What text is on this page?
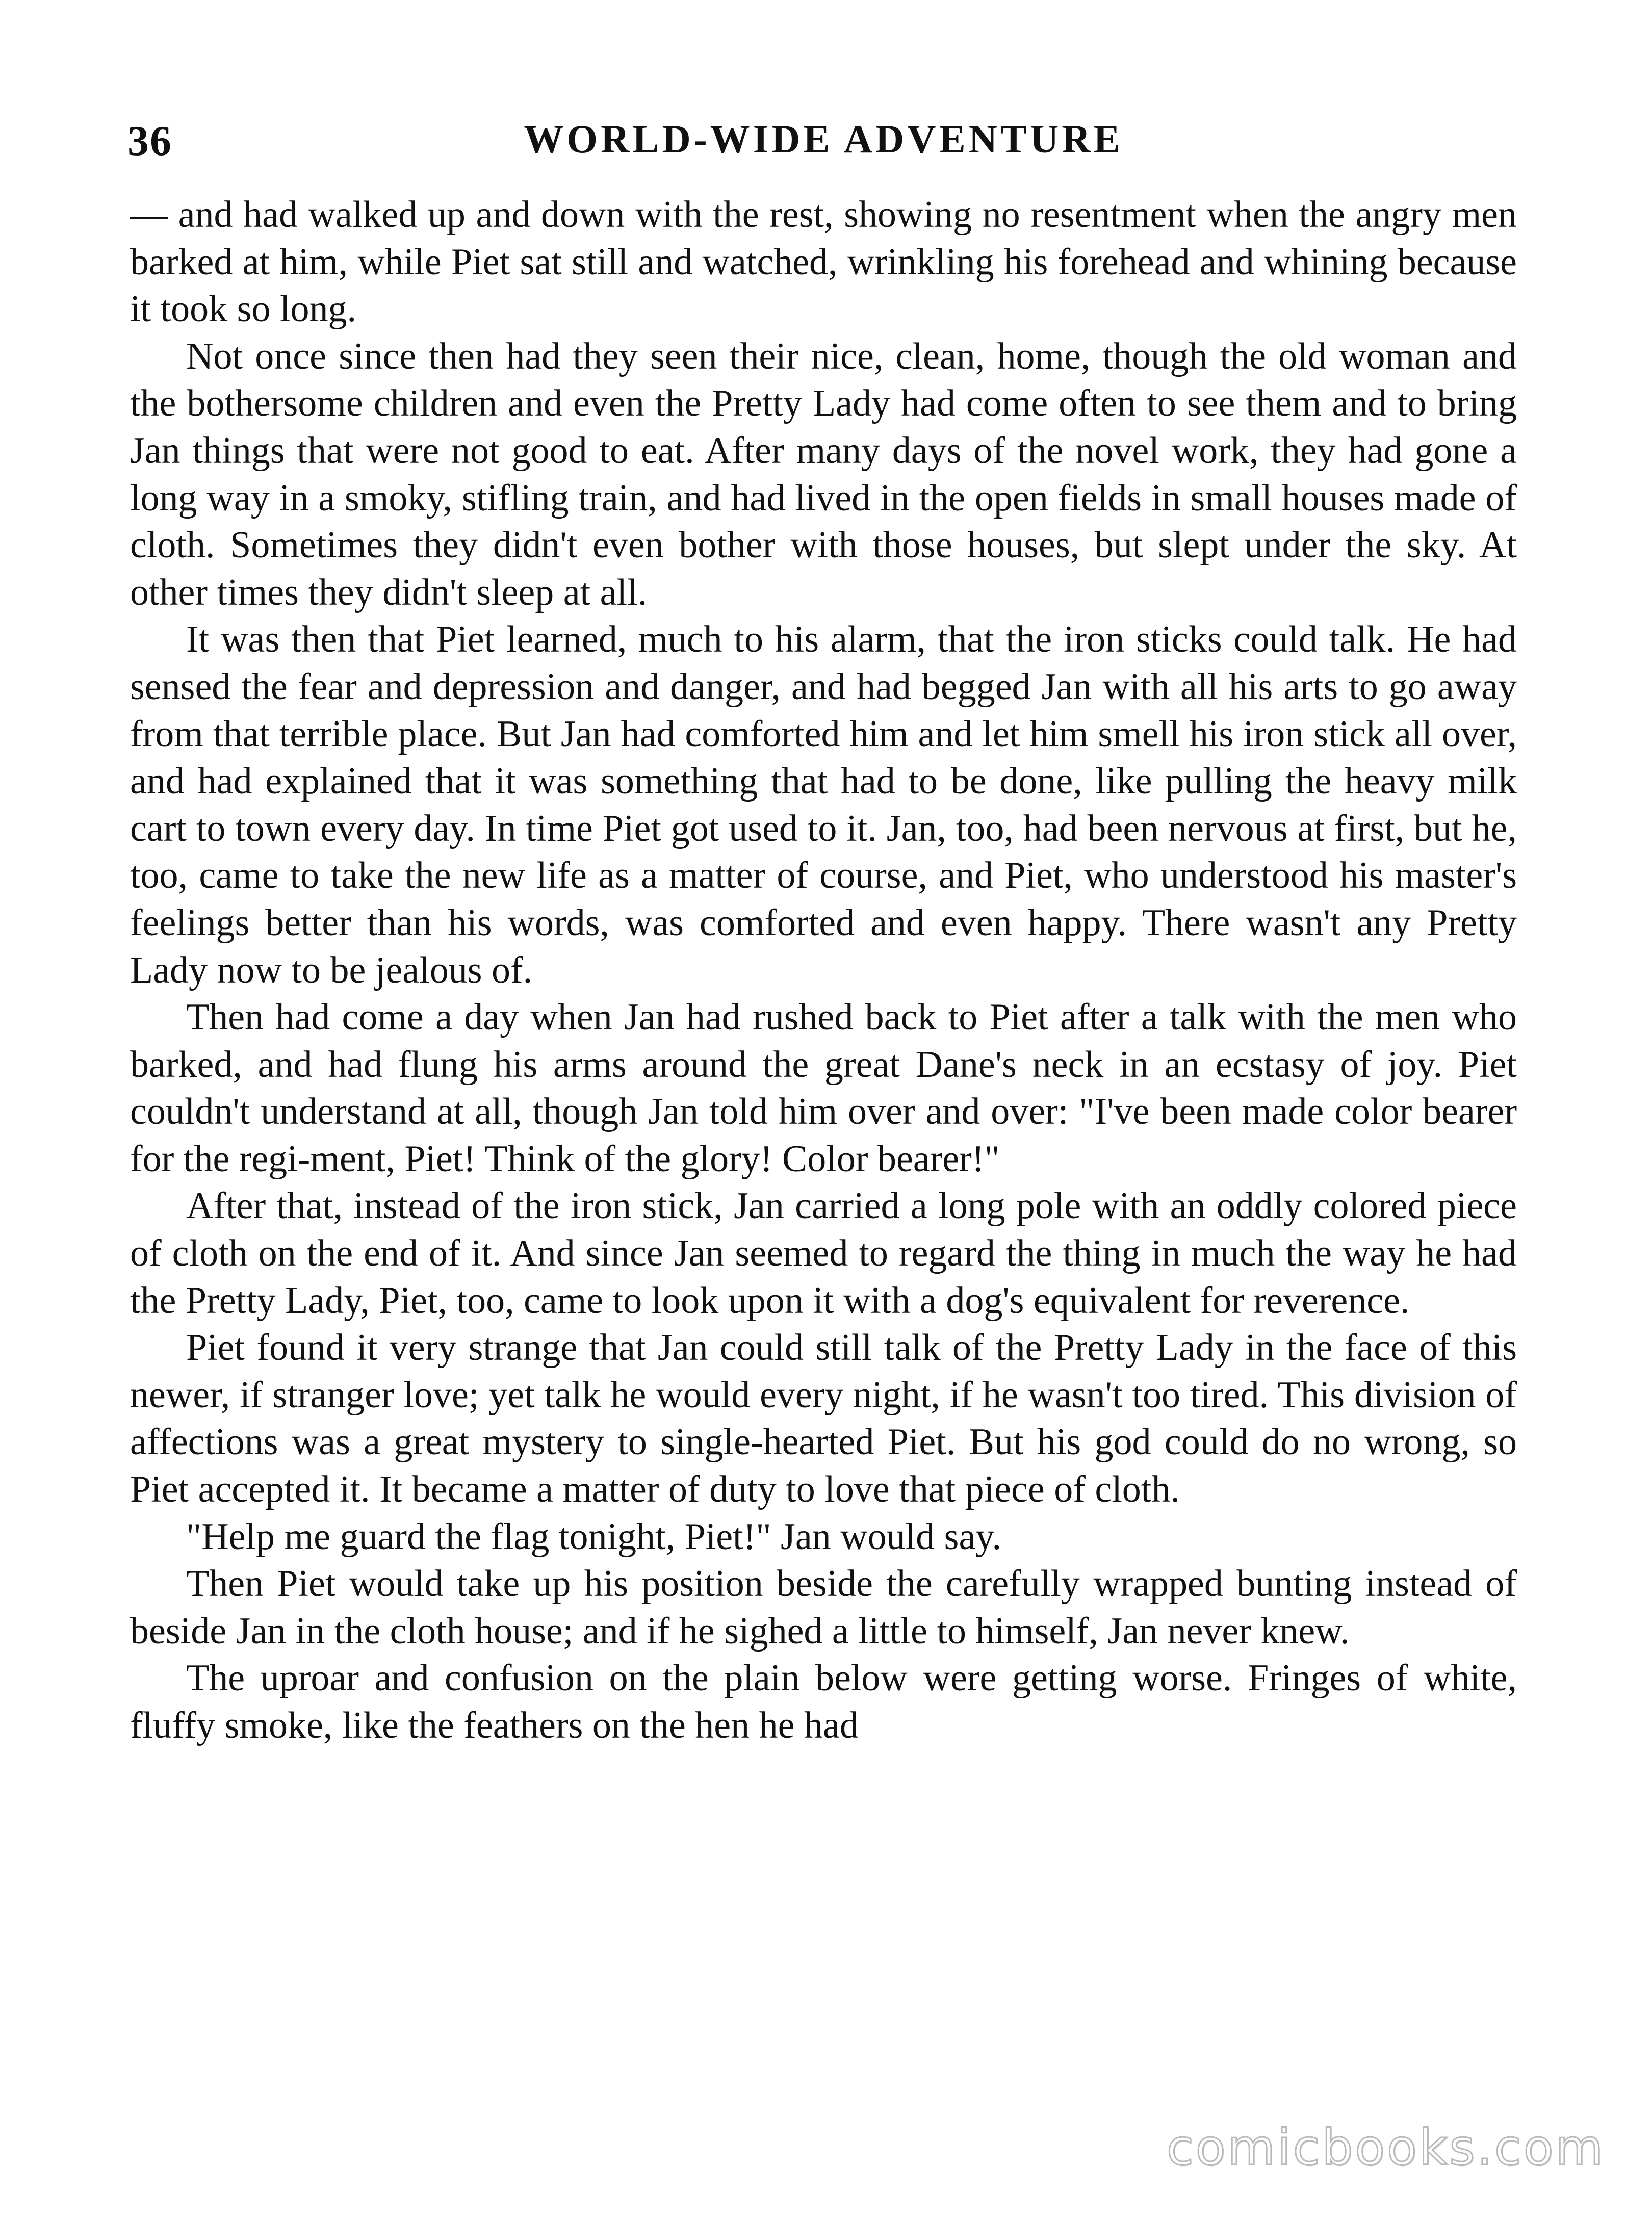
36	WORLD-WIDE ADVENTURE

— and had walked up and down with the rest, showing no resentment when the angry men barked at him, while Piet sat still and watched, wrinkling his forehead and whining because it took so long.

Not once since then had they seen their nice, clean, home, though the old woman and the bothersome children and even the Pretty Lady had come often to see them and to bring Jan things that were not good to eat. After many days of the novel work, they had gone a long way in a smoky, stifling train, and had lived in the open fields in small houses made of cloth. Sometimes they didn't even bother with those houses, but slept under the sky. At other times they didn't sleep at all.

It was then that Piet learned, much to his alarm, that the iron sticks could talk. He had sensed the fear and depression and danger, and had begged Jan with all his arts to go away from that terrible place. But Jan had comforted him and let him smell his iron stick all over, and had explained that it was something that had to be done, like pulling the heavy milk cart to town every day. In time Piet got used to it. Jan, too, had been nervous at first, but he, too, came to take the new life as a matter of course, and Piet, who understood his master's feelings better than his words, was comforted and even happy. There wasn't any Pretty Lady now to be jealous of.

Then had come a day when Jan had rushed back to Piet after a talk with the men who barked, and had flung his arms around the great Dane's neck in an ecstasy of joy. Piet couldn't understand at all, though Jan told him over and over: "I've been made color bearer for the regi-ment, Piet! Think of the glory! Color bearer!"

After that, instead of the iron stick, Jan carried a long pole with an oddly colored piece of cloth on the end of it. And since Jan seemed to regard the thing in much the way he had the Pretty Lady, Piet, too, came to look upon it with a dog's equivalent for reverence.

Piet found it very strange that Jan could still talk of the Pretty Lady in the face of this newer, if stranger love; yet talk he would every night, if he wasn't too tired. This division of affections was a great mystery to single-hearted Piet. But his god could do no wrong, so Piet accepted it. It became a matter of duty to love that piece of cloth.

"Help me guard the flag tonight, Piet!" Jan would say.

Then Piet would take up his position beside the carefully wrapped bunting instead of beside Jan in the cloth house; and if he sighed a little to himself, Jan never knew.

The uproar and confusion on the plain below were getting worse. Fringes of white, fluffy smoke, like the feathers on the hen he had

comicbooks.com
